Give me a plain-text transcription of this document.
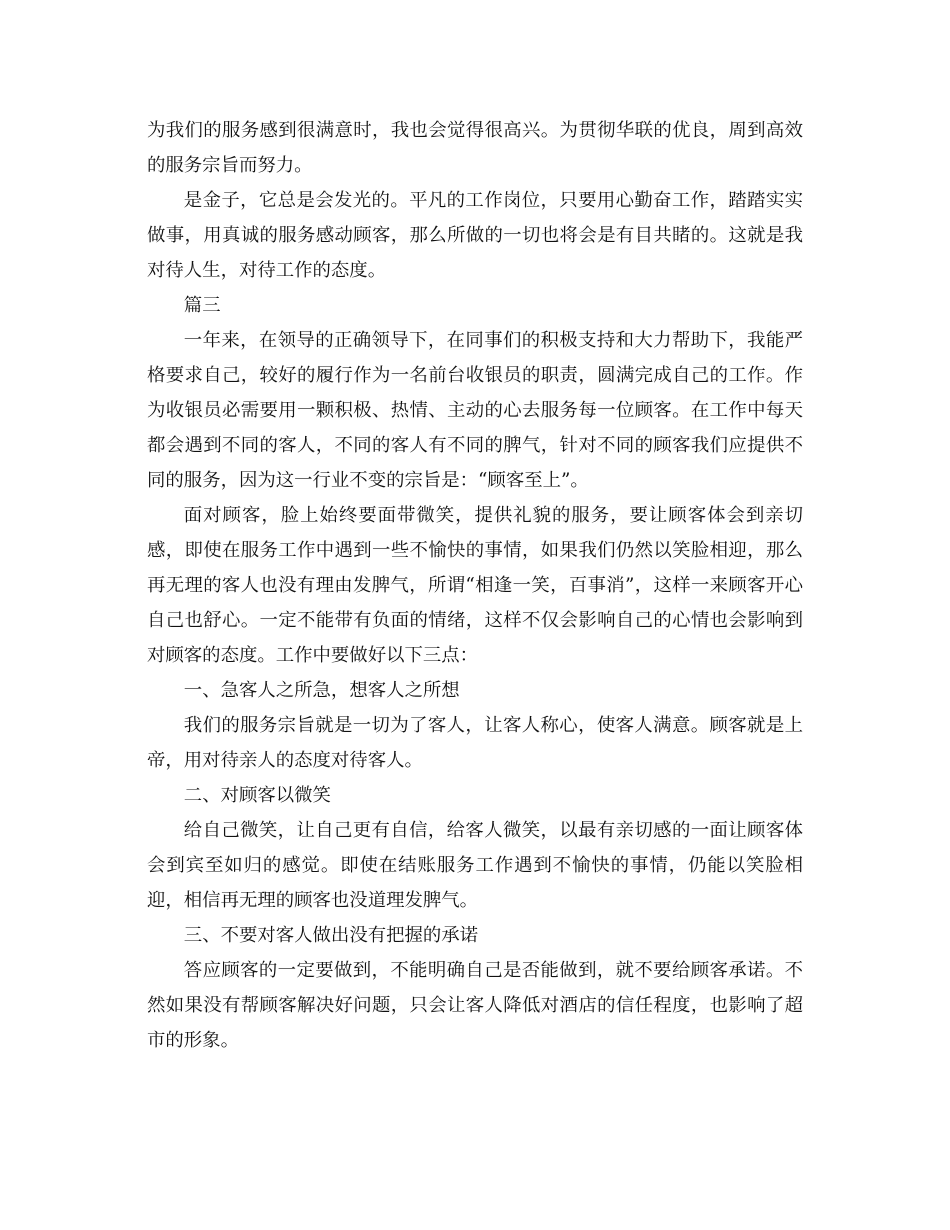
为我们的服务感到很满意时，我也会觉得很高兴。为贯彻华联的优良，周到高效的服务宗旨而努力。

是金子，它总是会发光的。平凡的工作岗位，只要用心勤奋工作，踏踏实实做事，用真诚的服务感动顾客，那么所做的一切也将会是有目共睹的。这就是我对待人生，对待工作的态度。

篇三

一年来，在领导的正确领导下，在同事们的积极支持和大力帮助下，我能严格要求自己，较好的履行作为一名前台收银员的职责，圆满完成自己的工作。作为收银员必需要用一颗积极、热情、主动的心去服务每一位顾客。在工作中每天都会遇到不同的客人，不同的客人有不同的脾气，针对不同的顾客我们应提供不同的服务，因为这一行业不变的宗旨是：“顾客至上”。

面对顾客，脸上始终要面带微笑，提供礼貌的服务，要让顾客体会到亲切感，即使在服务工作中遇到一些不愉快的事情，如果我们仍然以笑脸相迎，那么再无理的客人也没有理由发脾气，所谓“相逢一笑，百事消”，这样一来顾客开心自己也舒心。一定不能带有负面的情绪，这样不仅会影响自己的心情也会影响到对顾客的态度。工作中要做好以下三点：

一、急客人之所急，想客人之所想

我们的服务宗旨就是一切为了客人，让客人称心，使客人满意。顾客就是上帝，用对待亲人的态度对待客人。

二、对顾客以微笑

给自己微笑，让自己更有自信，给客人微笑，以最有亲切感的一面让顾客体会到宾至如归的感觉。即使在结账服务工作遇到不愉快的事情，仍能以笑脸相迎，相信再无理的顾客也没道理发脾气。

三、不要对客人做出没有把握的承诺

答应顾客的一定要做到，不能明确自己是否能做到，就不要给顾客承诺。不然如果没有帮顾客解决好问题，只会让客人降低对酒店的信任程度，也影响了超市的形象。
